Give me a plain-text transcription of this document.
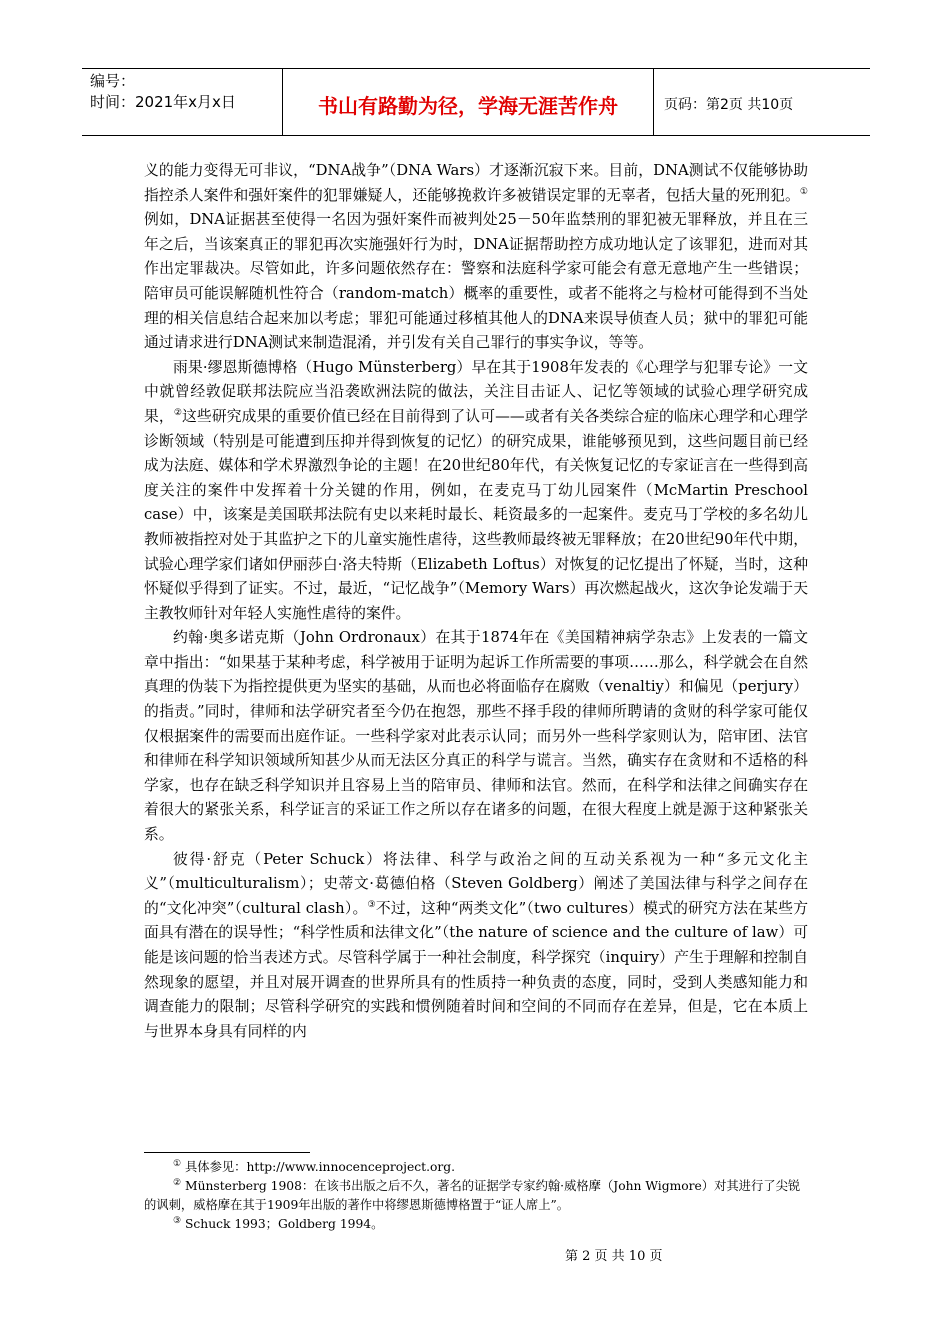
编号：
时间：2021年x月x日	书山有路勤为径，学海无涯苦作舟	页码：第2页 共10页

义的能力变得无可非议，“DNA战争”（DNA Wars）才逐渐沉寂下来。目前，DNA测试不仅能够协助指控杀人案件和强奸案件的犯罪嫌疑人，还能够挽救许多被错误定罪的无辜者，包括大量的死刑犯。①例如，DNA证据甚至使得一名因为强奸案件而被判处25－50年监禁刑的罪犯被无罪释放，并且在三年之后，当该案真正的罪犯再次实施强奸行为时，DNA证据帮助控方成功地认定了该罪犯，进而对其作出定罪裁决。尽管如此，许多问题依然存在：警察和法庭科学家可能会有意无意地产生一些错误；陪审员可能误解随机性符合（random-match）概率的重要性，或者不能将之与检材可能得到不当处理的相关信息结合起来加以考虑；罪犯可能通过移植其他人的DNA来误导侦查人员；狱中的罪犯可能通过请求进行DNA测试来制造混淆，并引发有关自己罪行的事实争议，等等。

雨果·缪恩斯德博格（Hugo Münsterberg）早在其于1908年发表的《心理学与犯罪专论》一文中就曾经敦促联邦法院应当沿袭欧洲法院的做法，关注目击证人、记忆等领域的试验心理学研究成果，②这些研究成果的重要价值已经在目前得到了认可——或者有关各类综合症的临床心理学和心理学诊断领域（特别是可能遭到压抑并得到恢复的记忆）的研究成果，谁能够预见到，这些问题目前已经成为法庭、媒体和学术界激烈争论的主题！在20世纪80年代，有关恢复记忆的专家证言在一些得到高度关注的案件中发挥着十分关键的作用，例如，在麦克马丁幼儿园案件（McMartin Preschool case）中，该案是美国联邦法院有史以来耗时最长、耗资最多的一起案件。麦克马丁学校的多名幼儿教师被指控对处于其监护之下的儿童实施性虐待，这些教师最终被无罪释放；在20世纪90年代中期，试验心理学家们诸如伊丽莎白·洛夫特斯（Elizabeth Loftus）对恢复的记忆提出了怀疑，当时，这种怀疑似乎得到了证实。不过，最近，“记忆战争”（Memory Wars）再次燃起战火，这次争论发端于天主教牧师针对年轻人实施性虐待的案件。

约翰·奥多诺克斯（John Ordronaux）在其于1874年在《美国精神病学杂志》上发表的一篇文章中指出：“如果基于某种考虑，科学被用于证明为起诉工作所需要的事项……那么，科学就会在自然真理的伪装下为指控提供更为坚实的基础，从而也必将面临存在腐败（venaltiy）和偏见（perjury）的指责。”同时，律师和法学研究者至今仍在抱怨，那些不择手段的律师所聘请的贪财的科学家可能仅仅根据案件的需要而出庭作证。一些科学家对此表示认同；而另外一些科学家则认为，陪审团、法官和律师在科学知识领域所知甚少从而无法区分真正的科学与谎言。当然，确实存在贪财和不适格的科学家，也存在缺乏科学知识并且容易上当的陪审员、律师和法官。然而，在科学和法律之间确实存在着很大的紧张关系，科学证言的采证工作之所以存在诸多的问题，在很大程度上就是源于这种紧张关系。

彼得·舒克（Peter Schuck）将法律、科学与政治之间的互动关系视为一种“多元文化主义”（multiculturalism）；史蒂文·葛德伯格（Steven Goldberg）阐述了美国法律与科学之间存在的“文化冲突”（cultural clash）。③不过，这种“两类文化”（two cultures）模式的研究方法在某些方面具有潜在的误导性；“科学性质和法律文化”（the nature of science and the culture of law）可能是该问题的恰当表述方式。尽管科学属于一种社会制度，科学探究（inquiry）产生于理解和控制自然现象的愿望，并且对展开调查的世界所具有的性质持一种负责的态度，同时，受到人类感知能力和调查能力的限制；尽管科学研究的实践和惯例随着时间和空间的不同而存在差异，但是，它在本质上与世界本身具有同样的内

① 具体参见：http://www.innocenceproject.org.

② Münsterberg 1908：在该书出版之后不久，著名的证据学专家约翰·威格摩（John Wigmore）对其进行了尖锐的讽刺，威格摩在其于1909年出版的著作中将缪恩斯德博格置于“证人席上”。

③ Schuck 1993；Goldberg 1994。

第 2 页 共 10 页
